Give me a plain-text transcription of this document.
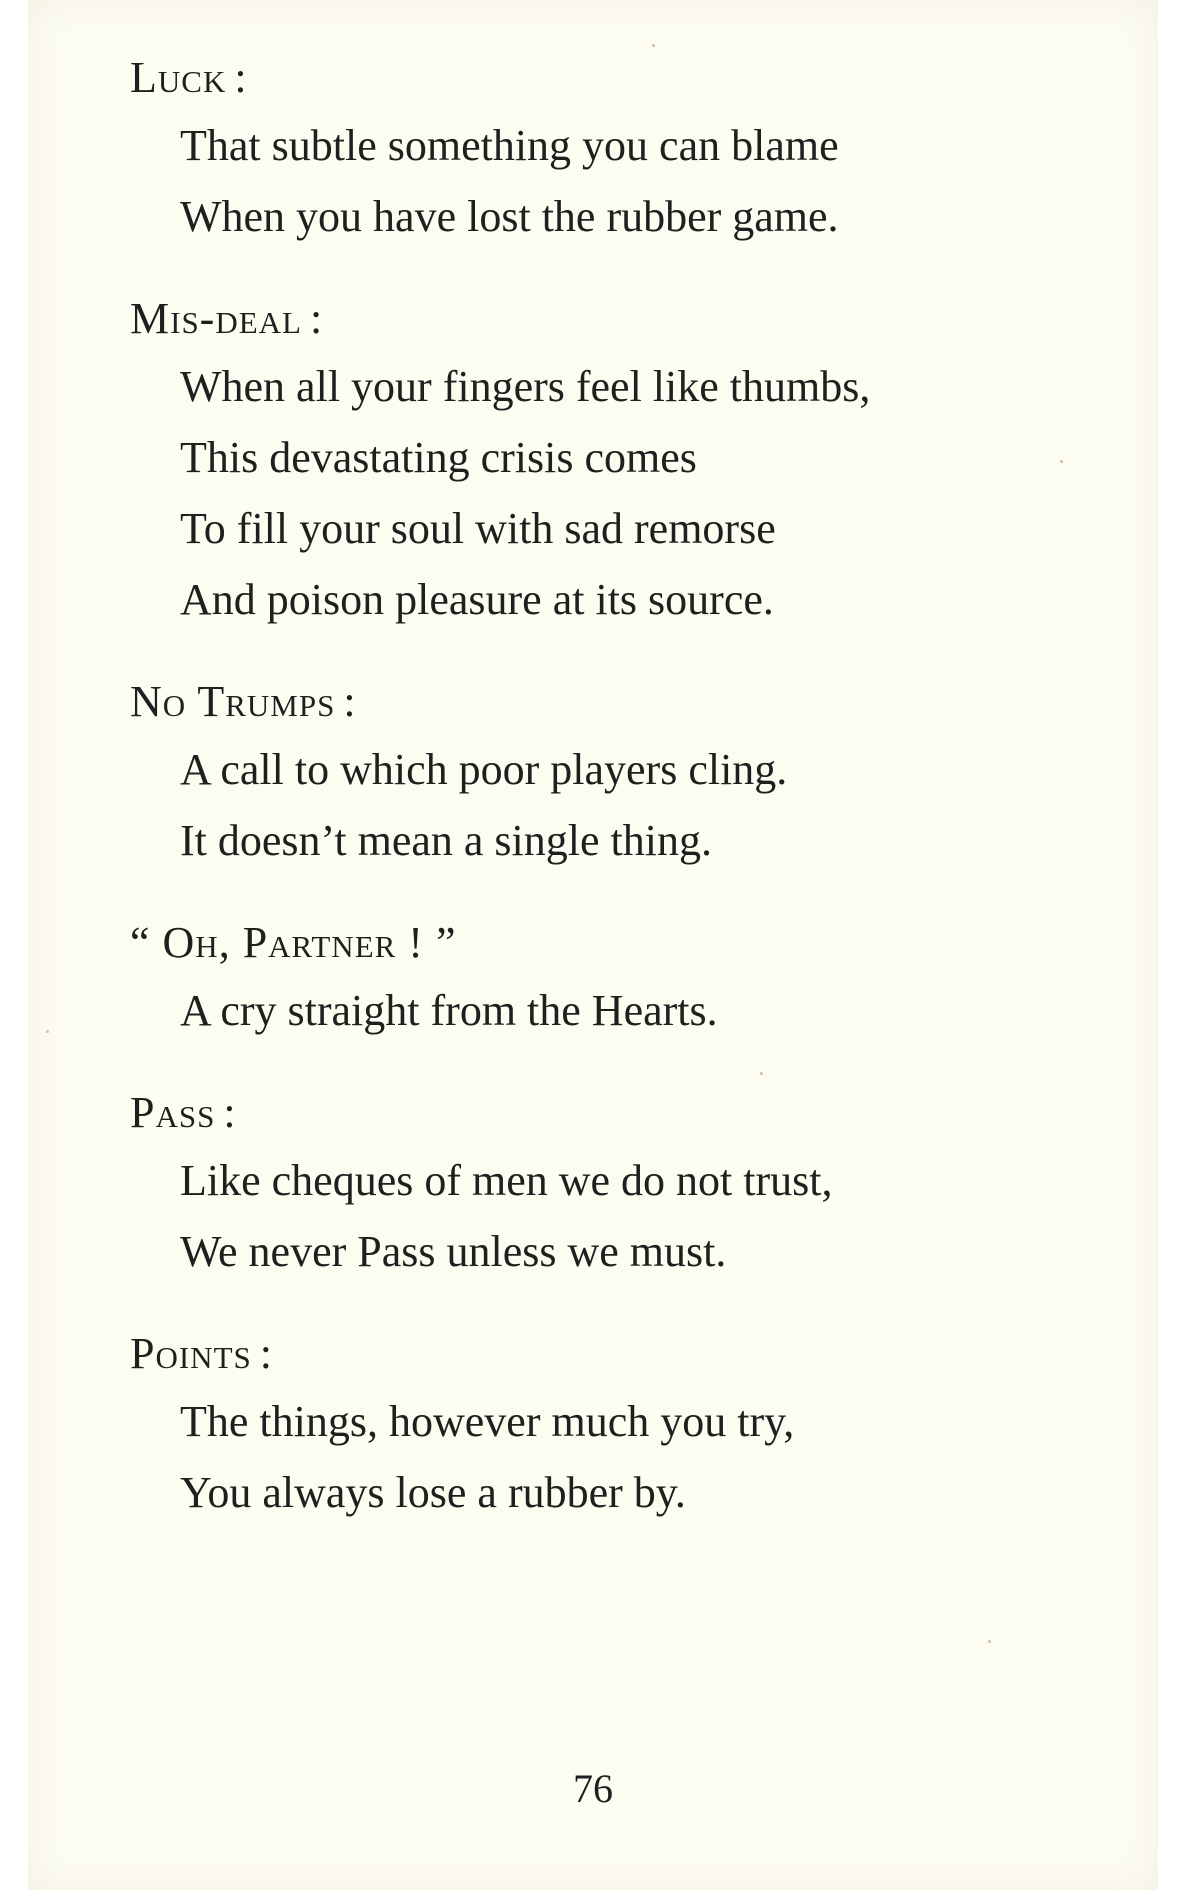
Luck :
That subtle something you can blame
When you have lost the rubber game.
Mis-deal :
When all your fingers feel like thumbs,
This devastating crisis comes
To fill your soul with sad remorse
And poison pleasure at its source.
No Trumps :
A call to which poor players cling.
It doesn’t mean a single thing.
“ Oh, Partner ! ”
A cry straight from the Hearts.
Pass :
Like cheques of men we do not trust,
We never Pass unless we must.
Points :
The things, however much you try,
You always lose a rubber by.
76
